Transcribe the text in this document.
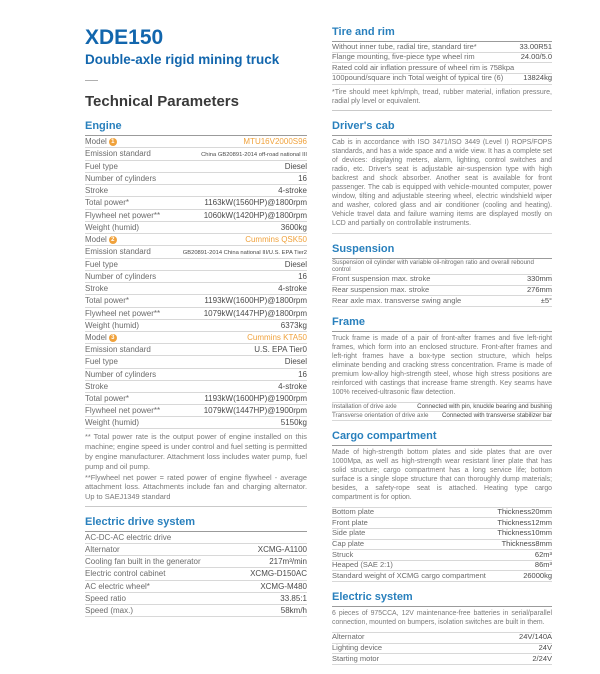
XDE150
Double-axle rigid mining truck
Technical Parameters
Engine
Model 1	MTU16V2000S96
Emission standard	China GB20891-2014 off-road national III
Fuel type	Diesel
Number of cylinders	16
Stroke	4-stroke
Total power*	1163kW(1560HP)@1800rpm
Flywheel net power**	1060kW(1420HP)@1800rpm
Weight (humid)	3600kg
Model 2	Cummins QSK50
Emission standard	GB20891-2014 China national III/U.S. EPA Tier2
Fuel type	Diesel
Number of cylinders	16
Stroke	4-stroke
Total power*	1193kW(1600HP)@1800rpm
Flywheel net power**	1079kW(1447HP)@1800rpm
Weight (humid)	6373kg
Model 3	Cummins KTA50
Emission standard	U.S. EPA Tier0
Fuel type	Diesel
Number of cylinders	16
Stroke	4-stroke
Total power*	1193kW(1600HP)@1900rpm
Flywheel net power**	1079kW(1447HP)@1900rpm
Weight (humid)	5150kg

** Total power rate is the output power of engine installed on this machine; engine speed is under control and fuel setting is permitted by engine manufacturer. Attachment loss includes water pump, fuel pump and oil pump.

**Flywheel net power = rated power of engine flywheel - average attachment loss. Attachments include fan and charging alternator. Up to SAEJ1349 standard

Electric drive system
AC-DC-AC electric drive
Alternator	XCMG-A1100
Cooling fan built in the generator	217m³/min
Electric control cabinet	XCMG-D150AC
AC electric wheel*	XCMG-M480
Speed ratio	33.85:1
Speed (max.)	58km/h
Tire and rim
Without inner tube, radial tire, standard tire*	33.00R51
Flange mounting, five-piece type wheel rim	24.00/5.0
Rated cold air inflation pressure of wheel rim is 758kpa
100pound/square inch Total weight of typical tire (6)	13824kg

*Tire should meet kph/mph, tread, rubber material, inflation pressure, radial ply level or equivalent.

Driver's cab

Cab is in accordance with ISO 3471/ISO 3449 (Level I) ROPS/FOPS standards, and has a wide space and a wide view. It has a complete set of devices: displaying meters, alarm, lighting, control switches and radio, etc. Driver's seat is adjustable air-suspension type with high backrest and shock absorber. Another seat is available for front passenger. The cab is equipped with vehicle-mounted computer, power window, tilting and adjustable steering wheel, electric windshield wiper and washer, colored glass and air conditioner (cooling and heating). Vehicle travel data and failure warning items are displayed mostly on LCD and partially on controllable instruments.

Suspension
Suspension oil cylinder with variable oil-nitrogen ratio and overall rebound control
Front suspension max. stroke	330mm
Rear suspension max. stroke	276mm
Rear axle max. transverse swing angle	±5°
Frame

Truck frame is made of a pair of front-after frames and five left-right frames, which form into an enclosed structure. Front-after frames and left-right frames have a box-type section structure, which helps eliminate bending and cracking stress concentration. Frame is made of premium low-alloy high-strength steel, whose high stress positions are reinforced with castings that increase frame strength. Key seams have 100% received-ultrasonic flaw detection.

Installation of drive axle	Connected with pin, knuckle bearing and bushing
Transverse orientation of drive axle Connected with transverse stabilizer bar
Cargo compartment

Made of high-strength bottom plates and side plates that are over 1000Mpa, as well as high-strength wear resistant liner plate that has solid structure; cargo compartment has a long service life; bottom surface is a single slope structure that can thoroughly dump materials; besides, a safety-rope seat is attached. Heating type cargo compartment is for option.

Bottom plate	Thickness20mm
Front plate	Thickness12mm
Side plate	Thickness10mm
Cap plate	Thickness8mm
Struck	62m³
Heaped (SAE 2:1)	86m³
Standard weight of XCMG cargo compartment	26000kg
Electric system

6 pieces of 975CCA, 12V maintenance-free batteries in serial/parallel connection, mounted on bumpers, isolation switches are built in them.

Alternator	24V/140A
Lighting device	24V
Starting motor	2/24V
